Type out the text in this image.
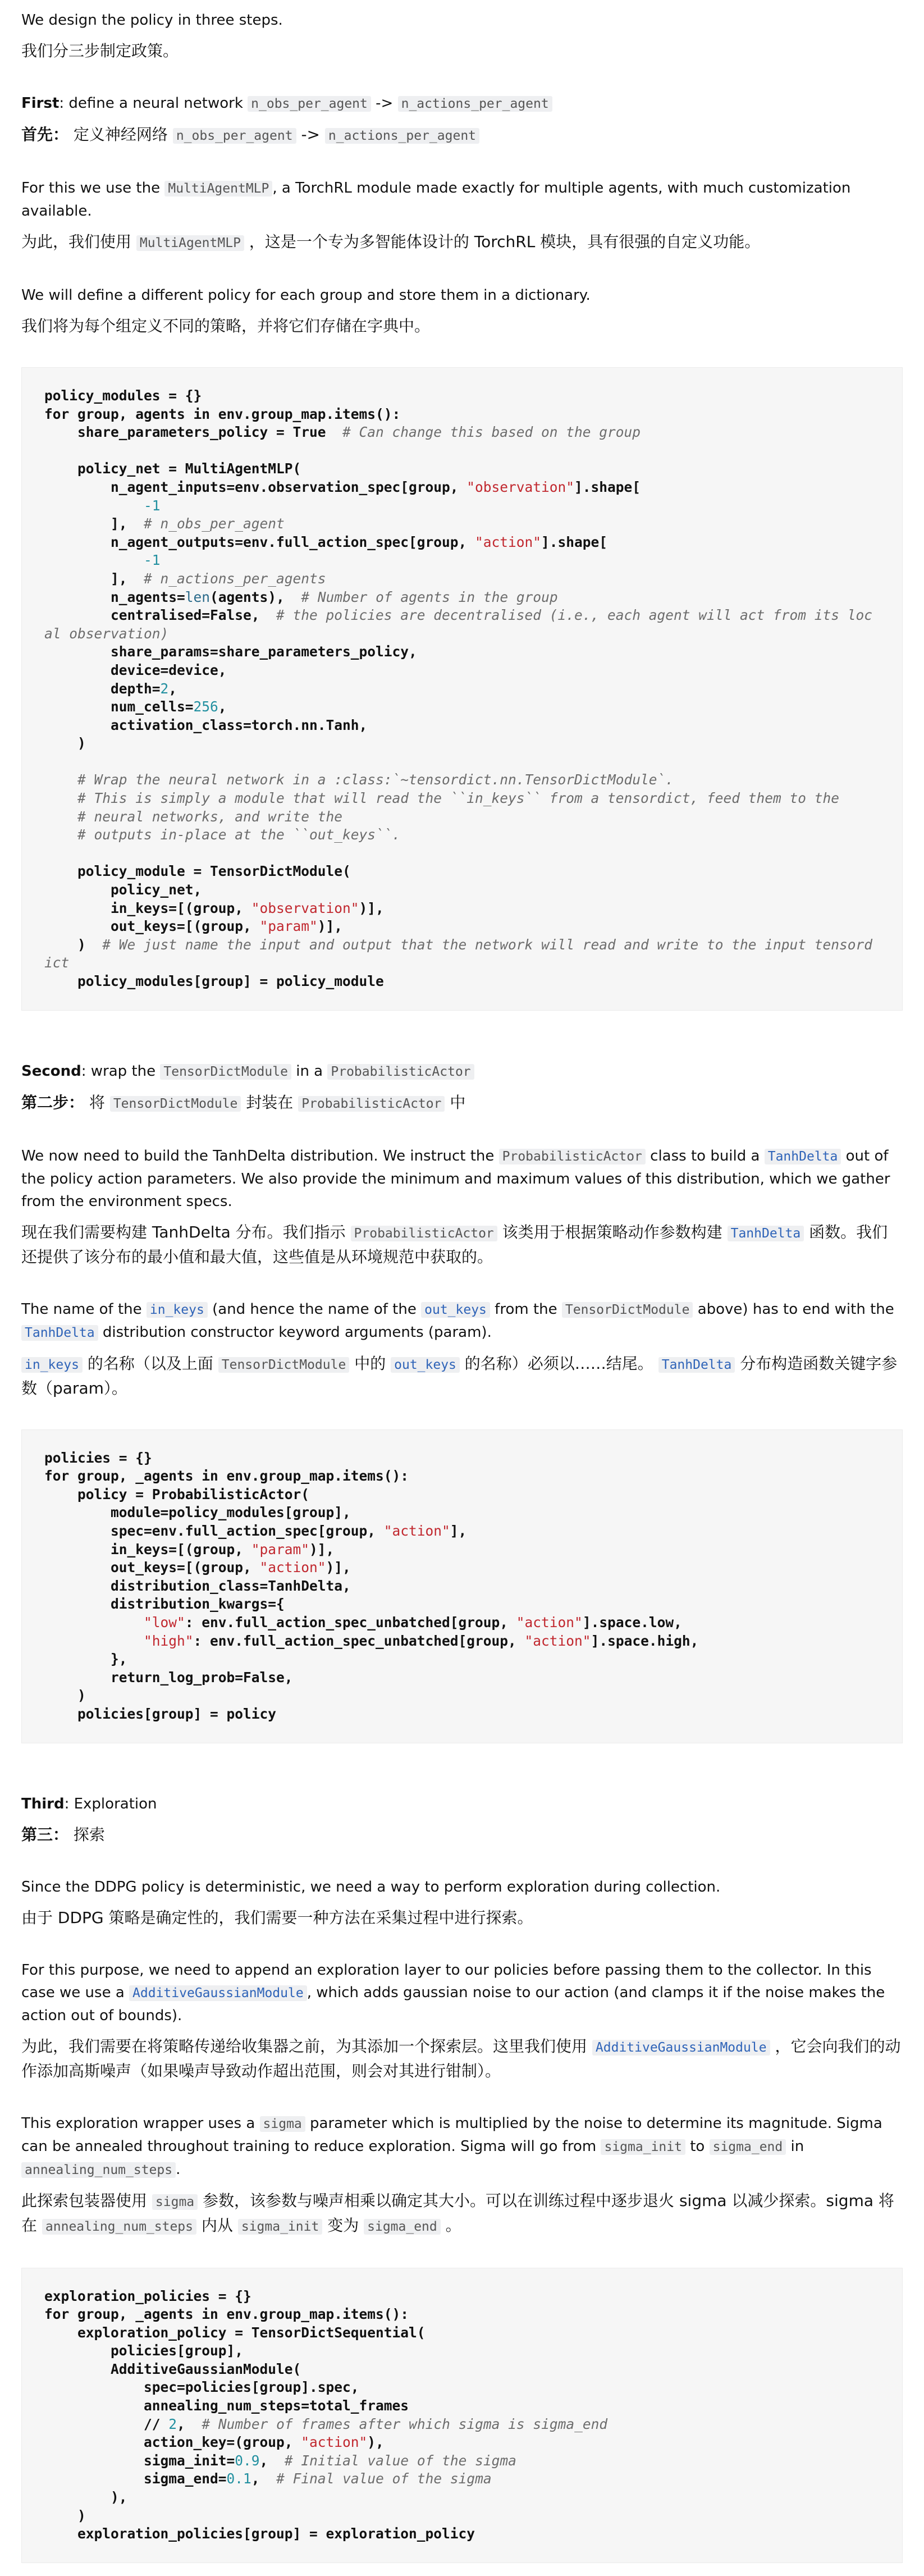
We design the policy in three steps.

我们分三步制定政策。

First: define a neural network n_obs_per_agent -> n_actions_per_agent

首先： 定义神经网络 n_obs_per_agent -> n_actions_per_agent

For this we use the MultiAgentMLP , a TorchRL module made exactly for multiple agents, with much customization available.

为此，我们使用 MultiAgentMLP ，这是一个专为多智能体设计的 TorchRL 模块，具有很强的自定义功能。

We will define a different policy for each group and store them in a dictionary.

我们将为每个组定义不同的策略，并将它们存储在字典中。

policy_modules = {}
for group, agents in env.group_map.items():
share_parameters_policy = True  # Can change this based on the group

policy_net = MultiAgentMLP(
n_agent_inputs=env.observation_spec[group, "observation"].shape[
-1
],  # n_obs_per_agent
n_agent_outputs=env.full_action_spec[group, "action"].shape[
-1
],  # n_actions_per_agents
n_agents=len(agents),  # Number of agents in the group
centralised=False,  # the policies are decentralised (i.e., each agent will act from its local observation)
share_params=share_parameters_policy,
device=device,
depth=2,
num_cells=256,
activation_class=torch.nn.Tanh,
)

# Wrap the neural network in a :class:`~tensordict.nn.TensorDictModule`.
# This is simply a module that will read the ``in_keys`` from a tensordict, feed them to the
# neural networks, and write the
# outputs in-place at the ``out_keys``.

policy_module = TensorDictModule(
policy_net,
in_keys=[(group, "observation")],
out_keys=[(group, "param")],
)  # We just name the input and output that the network will read and write to the input tensordict
policy_modules[group] = policy_module

Second: wrap the TensorDictModule in a ProbabilisticActor

第二步： 将 TensorDictModule 封装在 ProbabilisticActor 中

We now need to build the TanhDelta distribution. We instruct the ProbabilisticActor class to build a TanhDelta out of the policy action parameters. We also provide the minimum and maximum values of this distribution, which we gather from the environment specs.

现在我们需要构建 TanhDelta 分布。我们指示 ProbabilisticActor 该类用于根据策略动作参数构建 TanhDelta 函数。我们还提供了该分布的最小值和最大值，这些值是从环境规范中获取的。

The name of the in_keys (and hence the name of the out_keys from the TensorDictModule above) has to end with the TanhDelta distribution constructor keyword arguments (param).

in_keys 的名称（以及上面 TensorDictModule 中的 out_keys 的名称）必须以……结尾。 TanhDelta 分布构造函数关键字参数（param）。

policies = {}
for group, _agents in env.group_map.items():
policy = ProbabilisticActor(
module=policy_modules[group],
spec=env.full_action_spec[group, "action"],
in_keys=[(group, "param")],
out_keys=[(group, "action")],
distribution_class=TanhDelta,
distribution_kwargs={
"low": env.full_action_spec_unbatched[group, "action"].space.low,
"high": env.full_action_spec_unbatched[group, "action"].space.high,
},
return_log_prob=False,
)
policies[group] = policy

Third: Exploration

第三： 探索

Since the DDPG policy is deterministic, we need a way to perform exploration during collection.

由于 DDPG 策略是确定性的，我们需要一种方法在采集过程中进行探索。

For this purpose, we need to append an exploration layer to our policies before passing them to the collector. In this case we use a AdditiveGaussianModule , which adds gaussian noise to our action (and clamps it if the noise makes the action out of bounds).

为此，我们需要在将策略传递给收集器之前，为其添加一个探索层。这里我们使用 AdditiveGaussianModule ，它会向我们的动作添加高斯噪声（如果噪声导致动作超出范围，则会对其进行钳制）。

This exploration wrapper uses a sigma parameter which is multiplied by the noise to determine its magnitude. Sigma can be annealed throughout training to reduce exploration. Sigma will go from sigma_init to sigma_end in annealing_num_steps .

此探索包装器使用 sigma 参数，该参数与噪声相乘以确定其大小。可以在训练过程中逐步退火 sigma 以减少探索。sigma 将在 annealing_num_steps 内从 sigma_init 变为 sigma_end 。

exploration_policies = {}
for group, _agents in env.group_map.items():
exploration_policy = TensorDictSequential(
policies[group],
AdditiveGaussianModule(
spec=policies[group].spec,
annealing_num_steps=total_frames
// 2,  # Number of frames after which sigma is sigma_end
action_key=(group, "action"),
sigma_init=0.9,  # Initial value of the sigma
sigma_end=0.1,  # Final value of the sigma
),
)
exploration_policies[group] = exploration_policy
